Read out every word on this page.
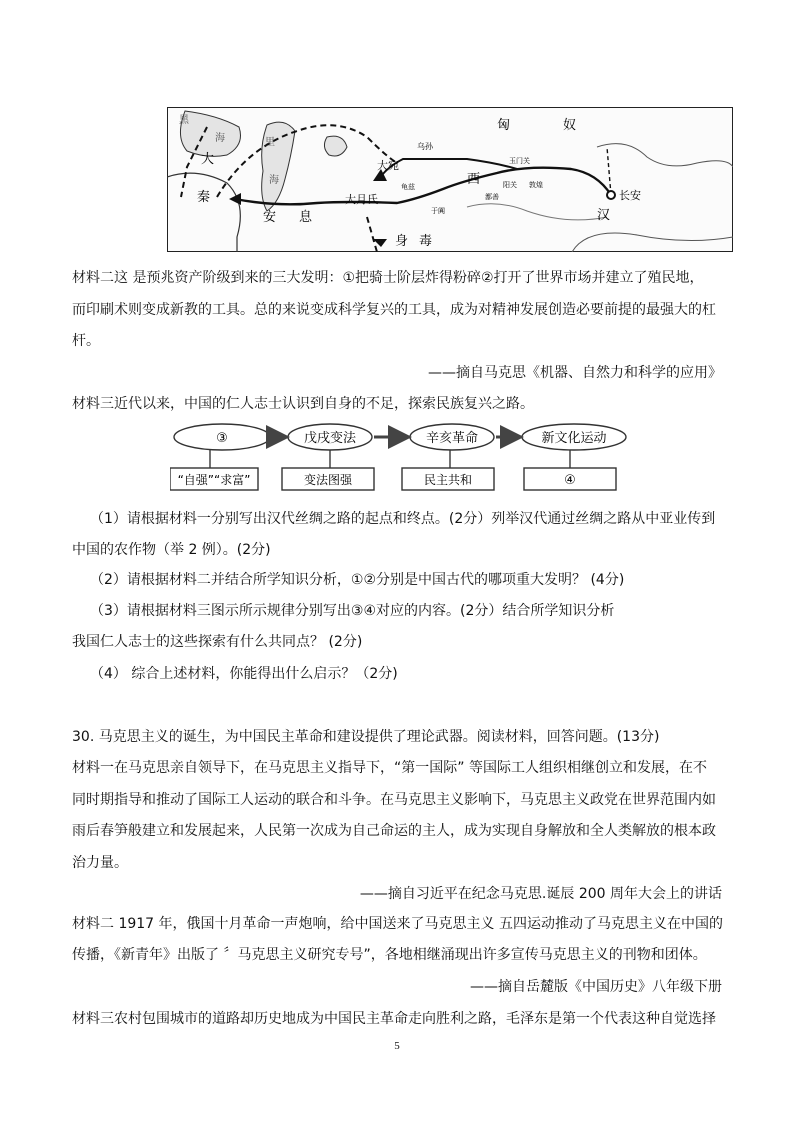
匈	奴
黑
海	里
海
大
秦
安 息
大宛
大月氏
乌孙
西
汉
长安
身 毒
玉门关
阳关 敦煌
鄯善
于阗
龟兹
材料二这 是预兆资产阶级到来的三大发明：①把骑士阶层炸得粉碎②打开了世界市场并建立了殖民地，
而印刷术则变成新教的工具。总的来说变成科学复兴的工具，成为对精神发展创造必要前提的最强大的杠
杆。
——摘自马克思《机器、自然力和科学的应用》
材料三近代以来，中国的仁人志士认识到自身的不足，探索民族复兴之路。
③	戊戌变法	辛亥革命	新文化运动
“自强”“求富”	变法图强	民主共和	④
（1）请根据材料一分别写出汉代丝绸之路的起点和终点。(2分）列举汉代通过丝绸之路从中亚业传到
中国的农作物（举 2 例）。(2分)
（2）请根据材料二并结合所学知识分析，①②分别是中国古代的哪项重大发明？ (4分)
（3）请根据材料三图示所示规律分别写出③④对应的内容。(2分）结合所学知识分析
我国仁人志士的这些探索有什么共同点？ (2分)
（4） 综合上述材料，你能得出什么启示？（2分)
30. 马克思主义的诞生，为中国民主革命和建设提供了理论武器。阅读材料，回答问题。(13分)
材料一在马克思亲自领导下，在马克思主义指导下，“第一国际” 等国际工人组织相继创立和发展，在不
同时期指导和推动了国际工人运动的联合和斗争。在马克思主义影响下，马克思主义政党在世界范围内如
雨后春笋般建立和发展起来，人民第一次成为自己命运的主人，成为实现自身解放和全人类解放的根本政
治力量。
——摘自习近平在纪念马克思.诞辰 200 周年大会上的讲话
材料二 1917 年，俄国十月革命一声炮响，给中国送来了马克思主义 五四运动推动了马克思主义在中国的
传播，《新青年》出版了 〞马克思主义研究专号”，各地相继涌现出许多宣传马克思主义的刊物和团体。
——摘自岳麓版《中国历史》八年级下册
材料三农村包围城市的道路却历史地成为中国民主革命走向胜利之路，毛泽东是第一个代表这种自觉选择
5
